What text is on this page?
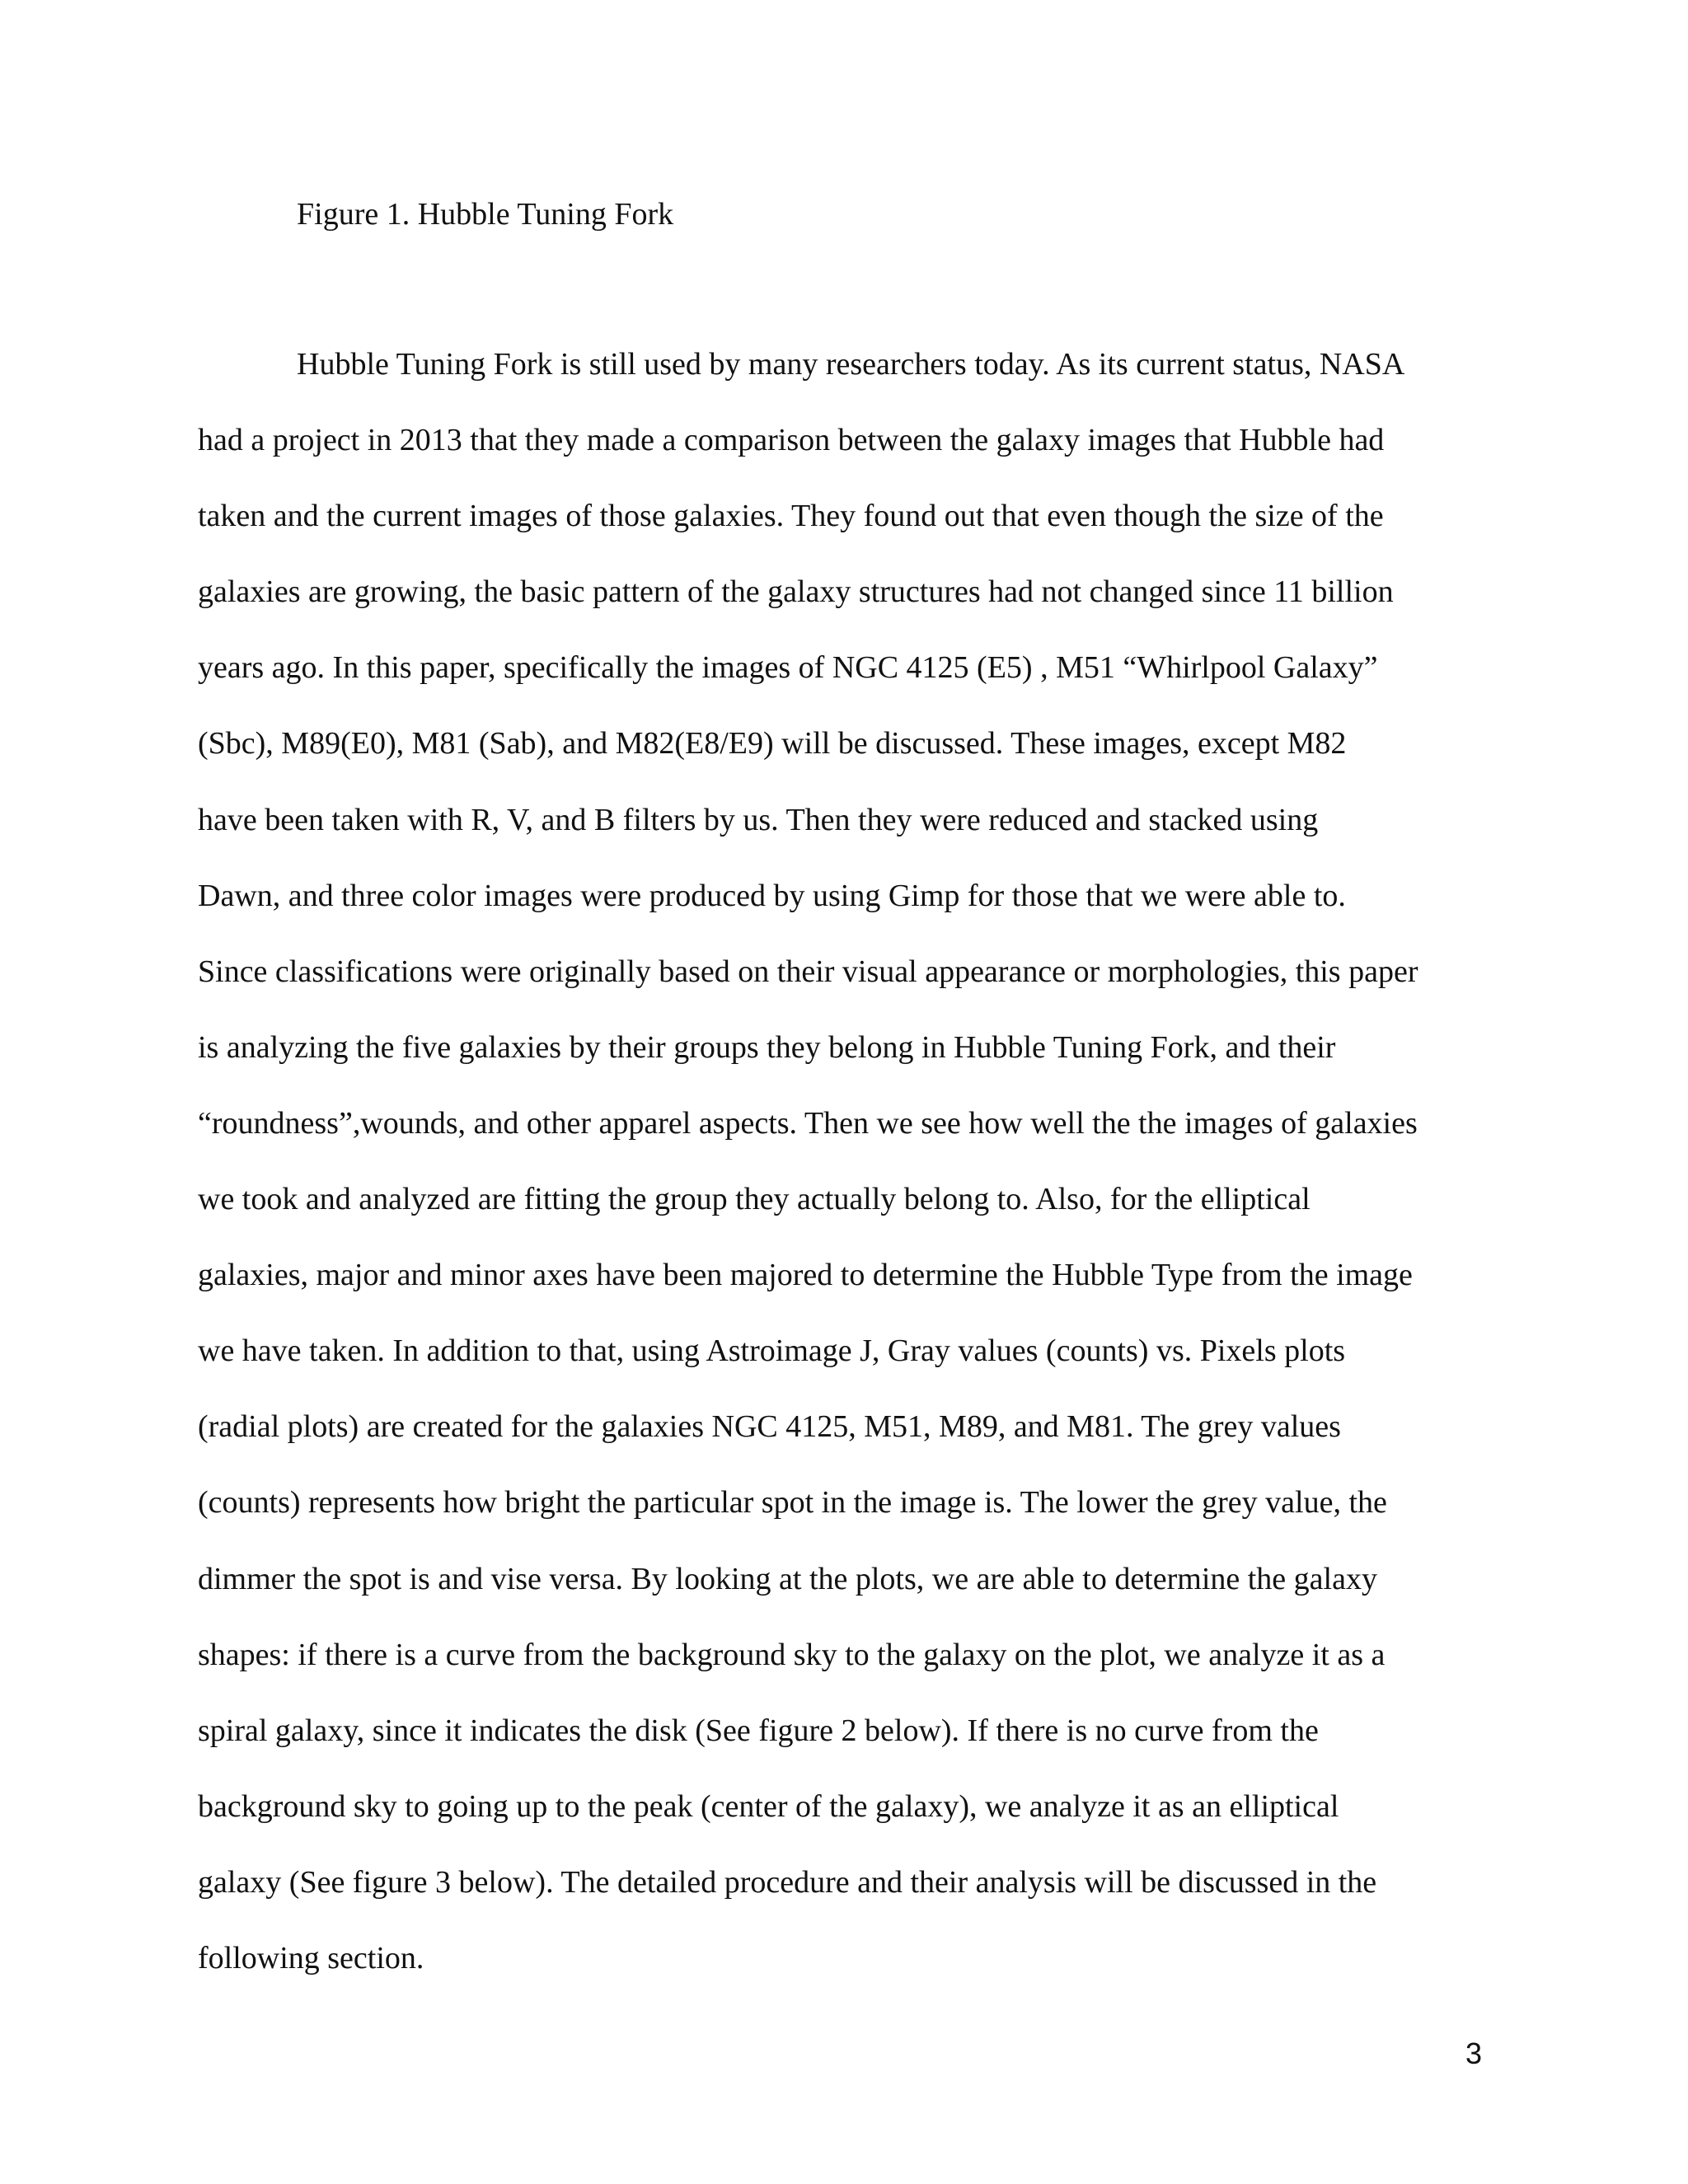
Figure 1. Hubble Tuning Fork

Hubble Tuning Fork is still used by many researchers today. As its current status, NASA
had a project in 2013 that they made a comparison between the galaxy images that Hubble had
taken and the current images of those galaxies. They found out that even though the size of the
galaxies are growing, the basic pattern of the galaxy structures had not changed since 11 billion
years ago. In this paper, specifically the images of NGC 4125 (E5) , M51 “Whirlpool Galaxy”
(Sbc), M89(E0), M81 (Sab), and M82(E8/E9) will be discussed. These images, except M82
have been taken with R, V, and B filters by us. Then they were reduced and stacked using
Dawn, and three color images were produced by using Gimp for those that we were able to.
Since classifications were originally based on their visual appearance or morphologies, this paper
is analyzing the five galaxies by their groups they belong in Hubble Tuning Fork, and their
“roundness”,wounds, and other apparel aspects. Then we see how well the the images of galaxies
we took and analyzed are fitting the group they actually belong to. Also, for the elliptical
galaxies, major and minor axes have been majored to determine the Hubble Type from the image
we have taken. In addition to that, using Astroimage J, Gray values (counts) vs. Pixels plots
(radial plots) are created for the galaxies NGC 4125, M51, M89, and M81. The grey values
(counts) represents how bright the particular spot in the image is. The lower the grey value, the
dimmer the spot is and vise versa. By looking at the plots, we are able to determine the galaxy
shapes: if there is a curve from the background sky to the galaxy on the plot, we analyze it as a
spiral galaxy, since it indicates the disk (See figure 2 below). If there is no curve from the
background sky to going up to the peak (center of the galaxy), we analyze it as an elliptical
galaxy (See figure 3 below). The detailed procedure and their analysis will be discussed in the
following section.
3
